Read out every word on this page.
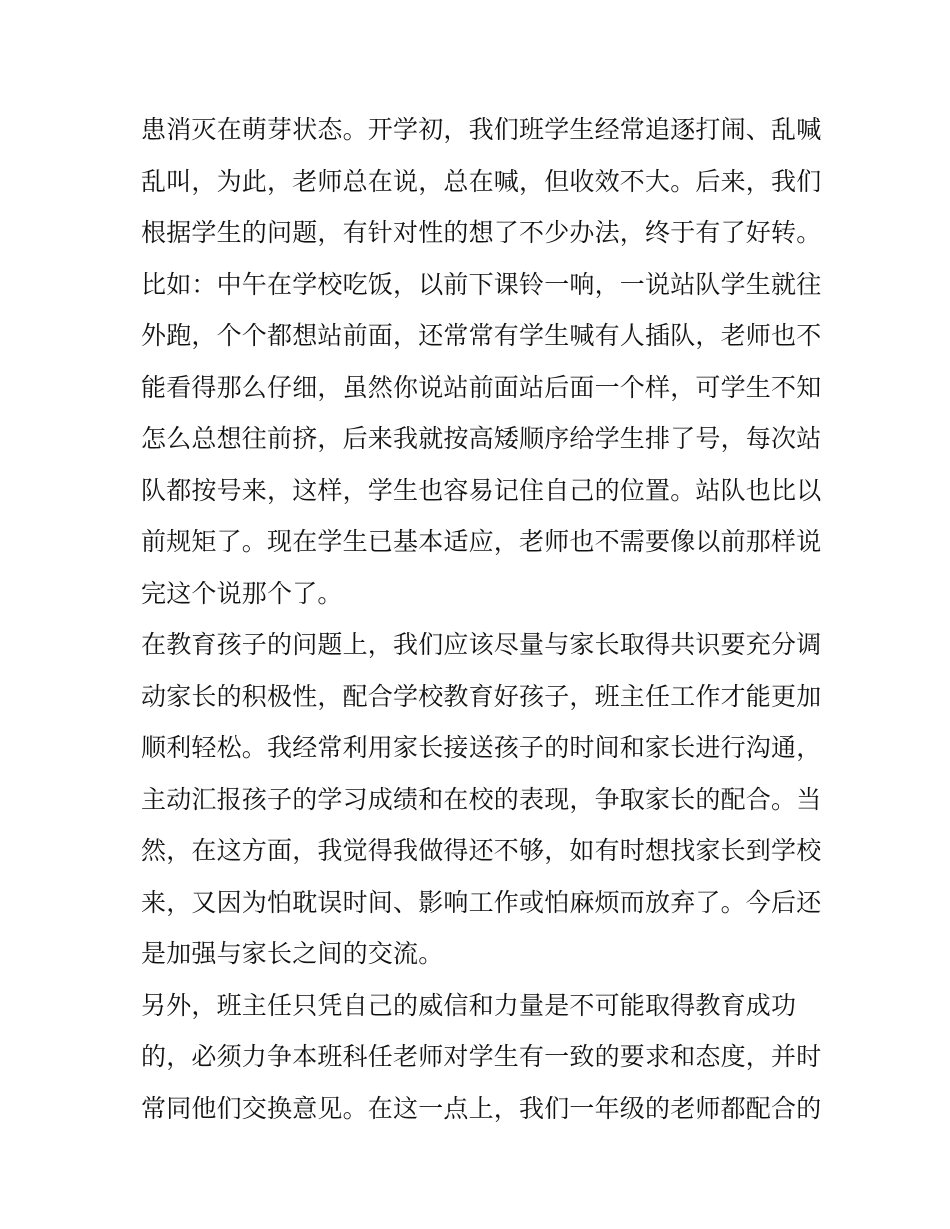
患消灭在萌芽状态。开学初，我们班学生经常追逐打闹、乱喊
乱叫，为此，老师总在说，总在喊，但收效不大。后来，我们
根据学生的问题，有针对性的想了不少办法，终于有了好转。
比如：中午在学校吃饭，以前下课铃一响，一说站队学生就往
外跑，个个都想站前面，还常常有学生喊有人插队，老师也不
能看得那么仔细，虽然你说站前面站后面一个样，可学生不知
怎么总想往前挤，后来我就按高矮顺序给学生排了号，每次站
队都按号来，这样，学生也容易记住自己的位置。站队也比以
前规矩了。现在学生已基本适应，老师也不需要像以前那样说
完这个说那个了。
在教育孩子的问题上，我们应该尽量与家长取得共识要充分调
动家长的积极性，配合学校教育好孩子，班主任工作才能更加
顺利轻松。我经常利用家长接送孩子的时间和家长进行沟通，
主动汇报孩子的学习成绩和在校的表现，争取家长的配合。当
然，在这方面，我觉得我做得还不够，如有时想找家长到学校
来，又因为怕耽误时间、影响工作或怕麻烦而放弃了。今后还
是加强与家长之间的交流。
另外，班主任只凭自己的威信和力量是不可能取得教育成功
的，必须力争本班科任老师对学生有一致的要求和态度，并时
常同他们交换意见。在这一点上，我们一年级的老师都配合的
